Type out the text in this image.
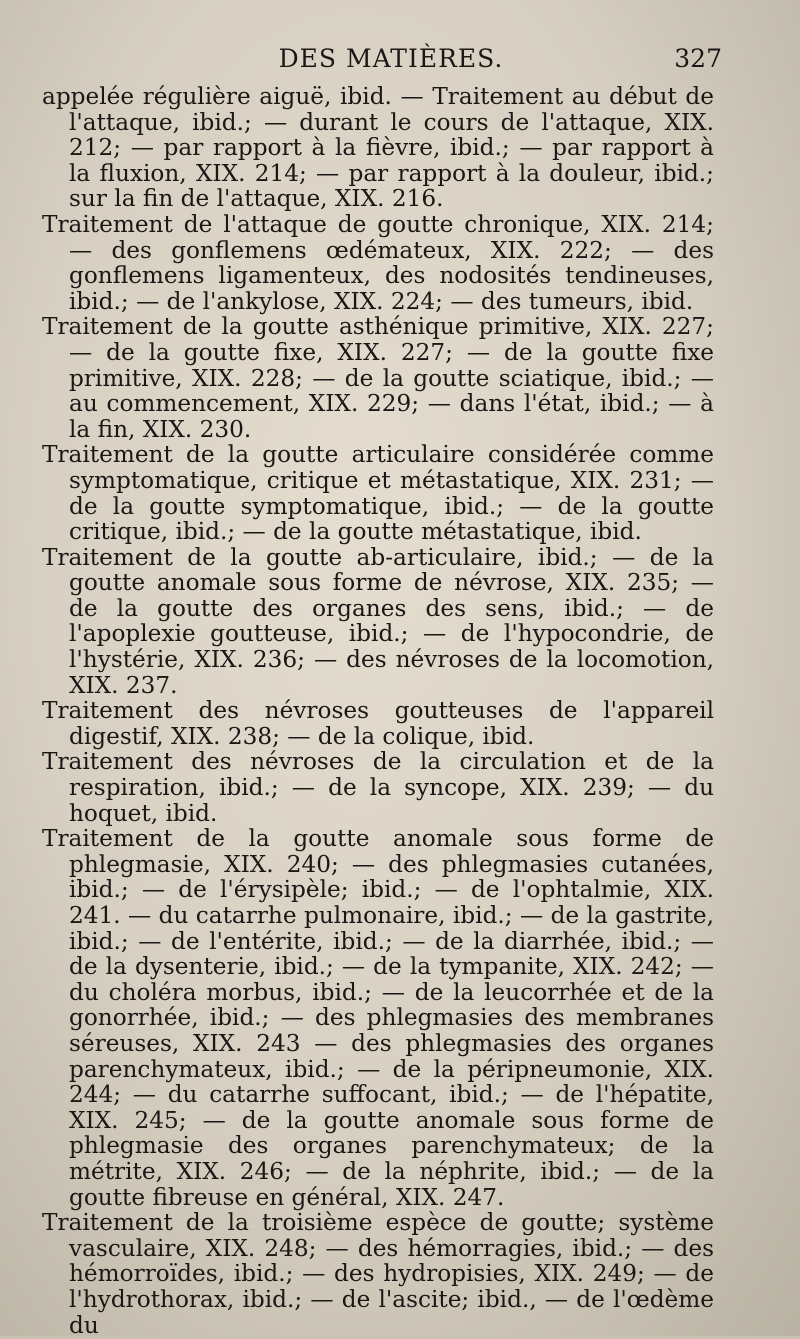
DES MATIÈRES.	327

appelée régulière aiguë, ibid. — Traitement au début de l'attaque, ibid.; — durant le cours de l'attaque, XIX. 212; — par rapport à la fièvre, ibid.; — par rapport à la fluxion, XIX. 214; — par rapport à la douleur, ibid.; sur la fin de l'attaque, XIX. 216.

Traitement de l'attaque de goutte chronique, XIX. 214; — des gonflemens œdémateux, XIX. 222; — des gonflemens ligamenteux, des nodosités tendineuses, ibid.; — de l'ankylose, XIX. 224; — des tumeurs, ibid.

Traitement de la goutte asthénique primitive, XIX. 227; — de la goutte fixe, XIX. 227; — de la goutte fixe primitive, XIX. 228; — de la goutte sciatique, ibid.; — au commencement, XIX. 229; — dans l'état, ibid.; — à la fin, XIX. 230.

Traitement de la goutte articulaire considérée comme symptomatique, critique et métastatique, XIX. 231; — de la goutte symptomatique, ibid.; — de la goutte critique, ibid.; — de la goutte métastatique, ibid.

Traitement de la goutte ab-articulaire, ibid.; — de la goutte anomale sous forme de névrose, XIX. 235; — de la goutte des organes des sens, ibid.; — de l'apoplexie goutteuse, ibid.; — de l'hypocondrie, de l'hystérie, XIX. 236; — des névroses de la locomotion, XIX. 237.

Traitement des névroses goutteuses de l'appareil digestif, XIX. 238; — de la colique, ibid.

Traitement des névroses de la circulation et de la respiration, ibid.; — de la syncope, XIX. 239; — du hoquet, ibid.

Traitement de la goutte anomale sous forme de phlegmasie, XIX. 240; — des phlegmasies cutanées, ibid.; — de l'érysipèle; ibid.; — de l'ophtalmie, XIX. 241. — du catarrhe pulmonaire, ibid.; — de la gastrite, ibid.; — de l'entérite, ibid.; — de la diarrhée, ibid.; — de la dysenterie, ibid.; — de la tympanite, XIX. 242; — du choléra morbus, ibid.; — de la leucorrhée et de la gonorrhée, ibid.; — des phlegmasies des membranes séreuses, XIX. 243 — des phlegmasies des organes parenchymateux, ibid.; — de la péripneumonie, XIX. 244; — du catarrhe suffocant, ibid.; — de l'hépatite, XIX. 245; — de la goutte anomale sous forme de phlegmasie des organes parenchymateux; de la métrite, XIX. 246; — de la néphrite, ibid.; — de la goutte fibreuse en général, XIX. 247.

Traitement de la troisième espèce de goutte; système vasculaire, XIX. 248; — des hémorragies, ibid.; — des hémorroïdes, ibid.; — des hydropisies, XIX. 249; — de l'hydrothorax, ibid.; — de l'ascite; ibid., — de l'œdème du
